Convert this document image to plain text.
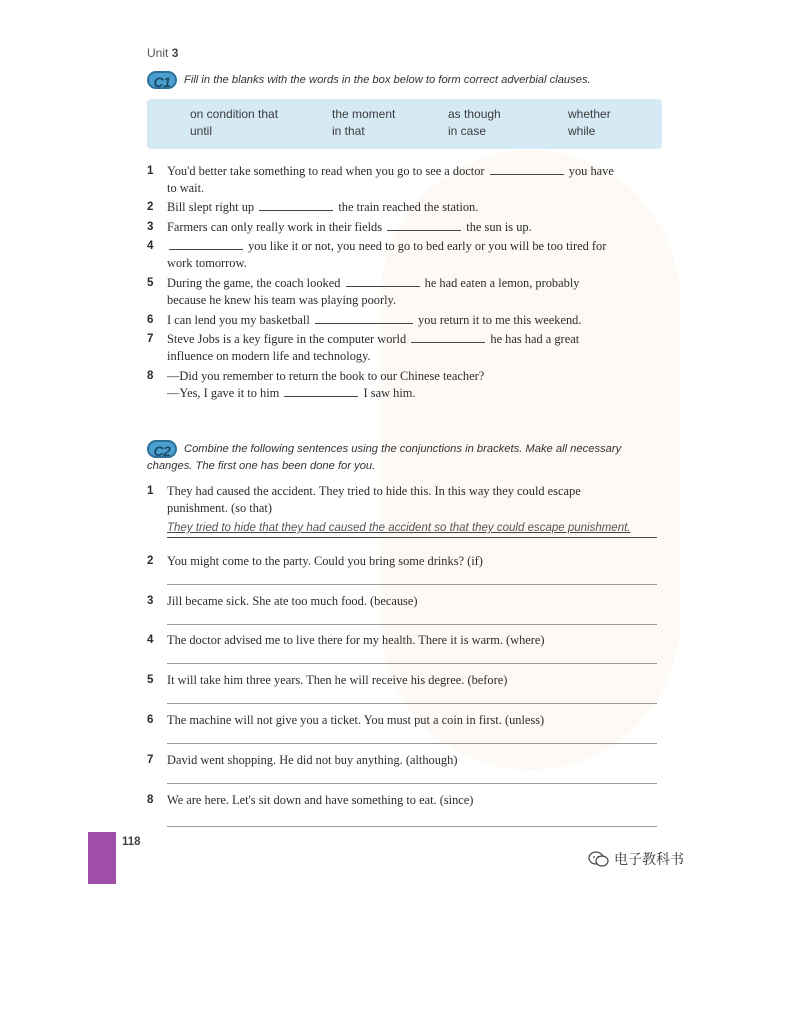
Unit 3
C1	Fill in the blanks with the words in the box below to form correct adverbial clauses.
on condition that	the moment	as though	whether
until	in that	in case	while
1	You'd better take something to read when you go to see a doctor	you have
to wait.
2	Bill slept right up	the train reached the station.
3	Farmers can only really work in their fields	the sun is up.
4	you like it or not, you need to go to bed early or you will be too tired for
work tomorrow.
5	During the game, the coach looked	he had eaten a lemon, probably
because he knew his team was playing poorly.
6	I can lend you my basketball	you return it to me this weekend.
7	Steve Jobs is a key figure in the computer world	he has had a great
influence on modern life and technology.
8	—Did you remember to return the book to our Chinese teacher?
—Yes, I gave it to him	I saw him.
C2	Combine the following sentences using the conjunctions in brackets. Make all necessary
changes. The first one has been done for you.
1	They had caused the accident. They tried to hide this. In this way they could escape
punishment. (so that)
They tried to hide that they had caused the accident so that they could escape punishment.
2	You might come to the party. Could you bring some drinks? (if)
3	Jill became sick. She ate too much food. (because)
4	The doctor advised me to live there for my health. There it is warm. (where)
5	It will take him three years. Then he will receive his degree. (before)
6	The machine will not give you a ticket. You must put a coin in first. (unless)
7	David went shopping. He did not buy anything. (although)
8	We are here. Let's sit down and have something to eat. (since)
118
电子教科书
